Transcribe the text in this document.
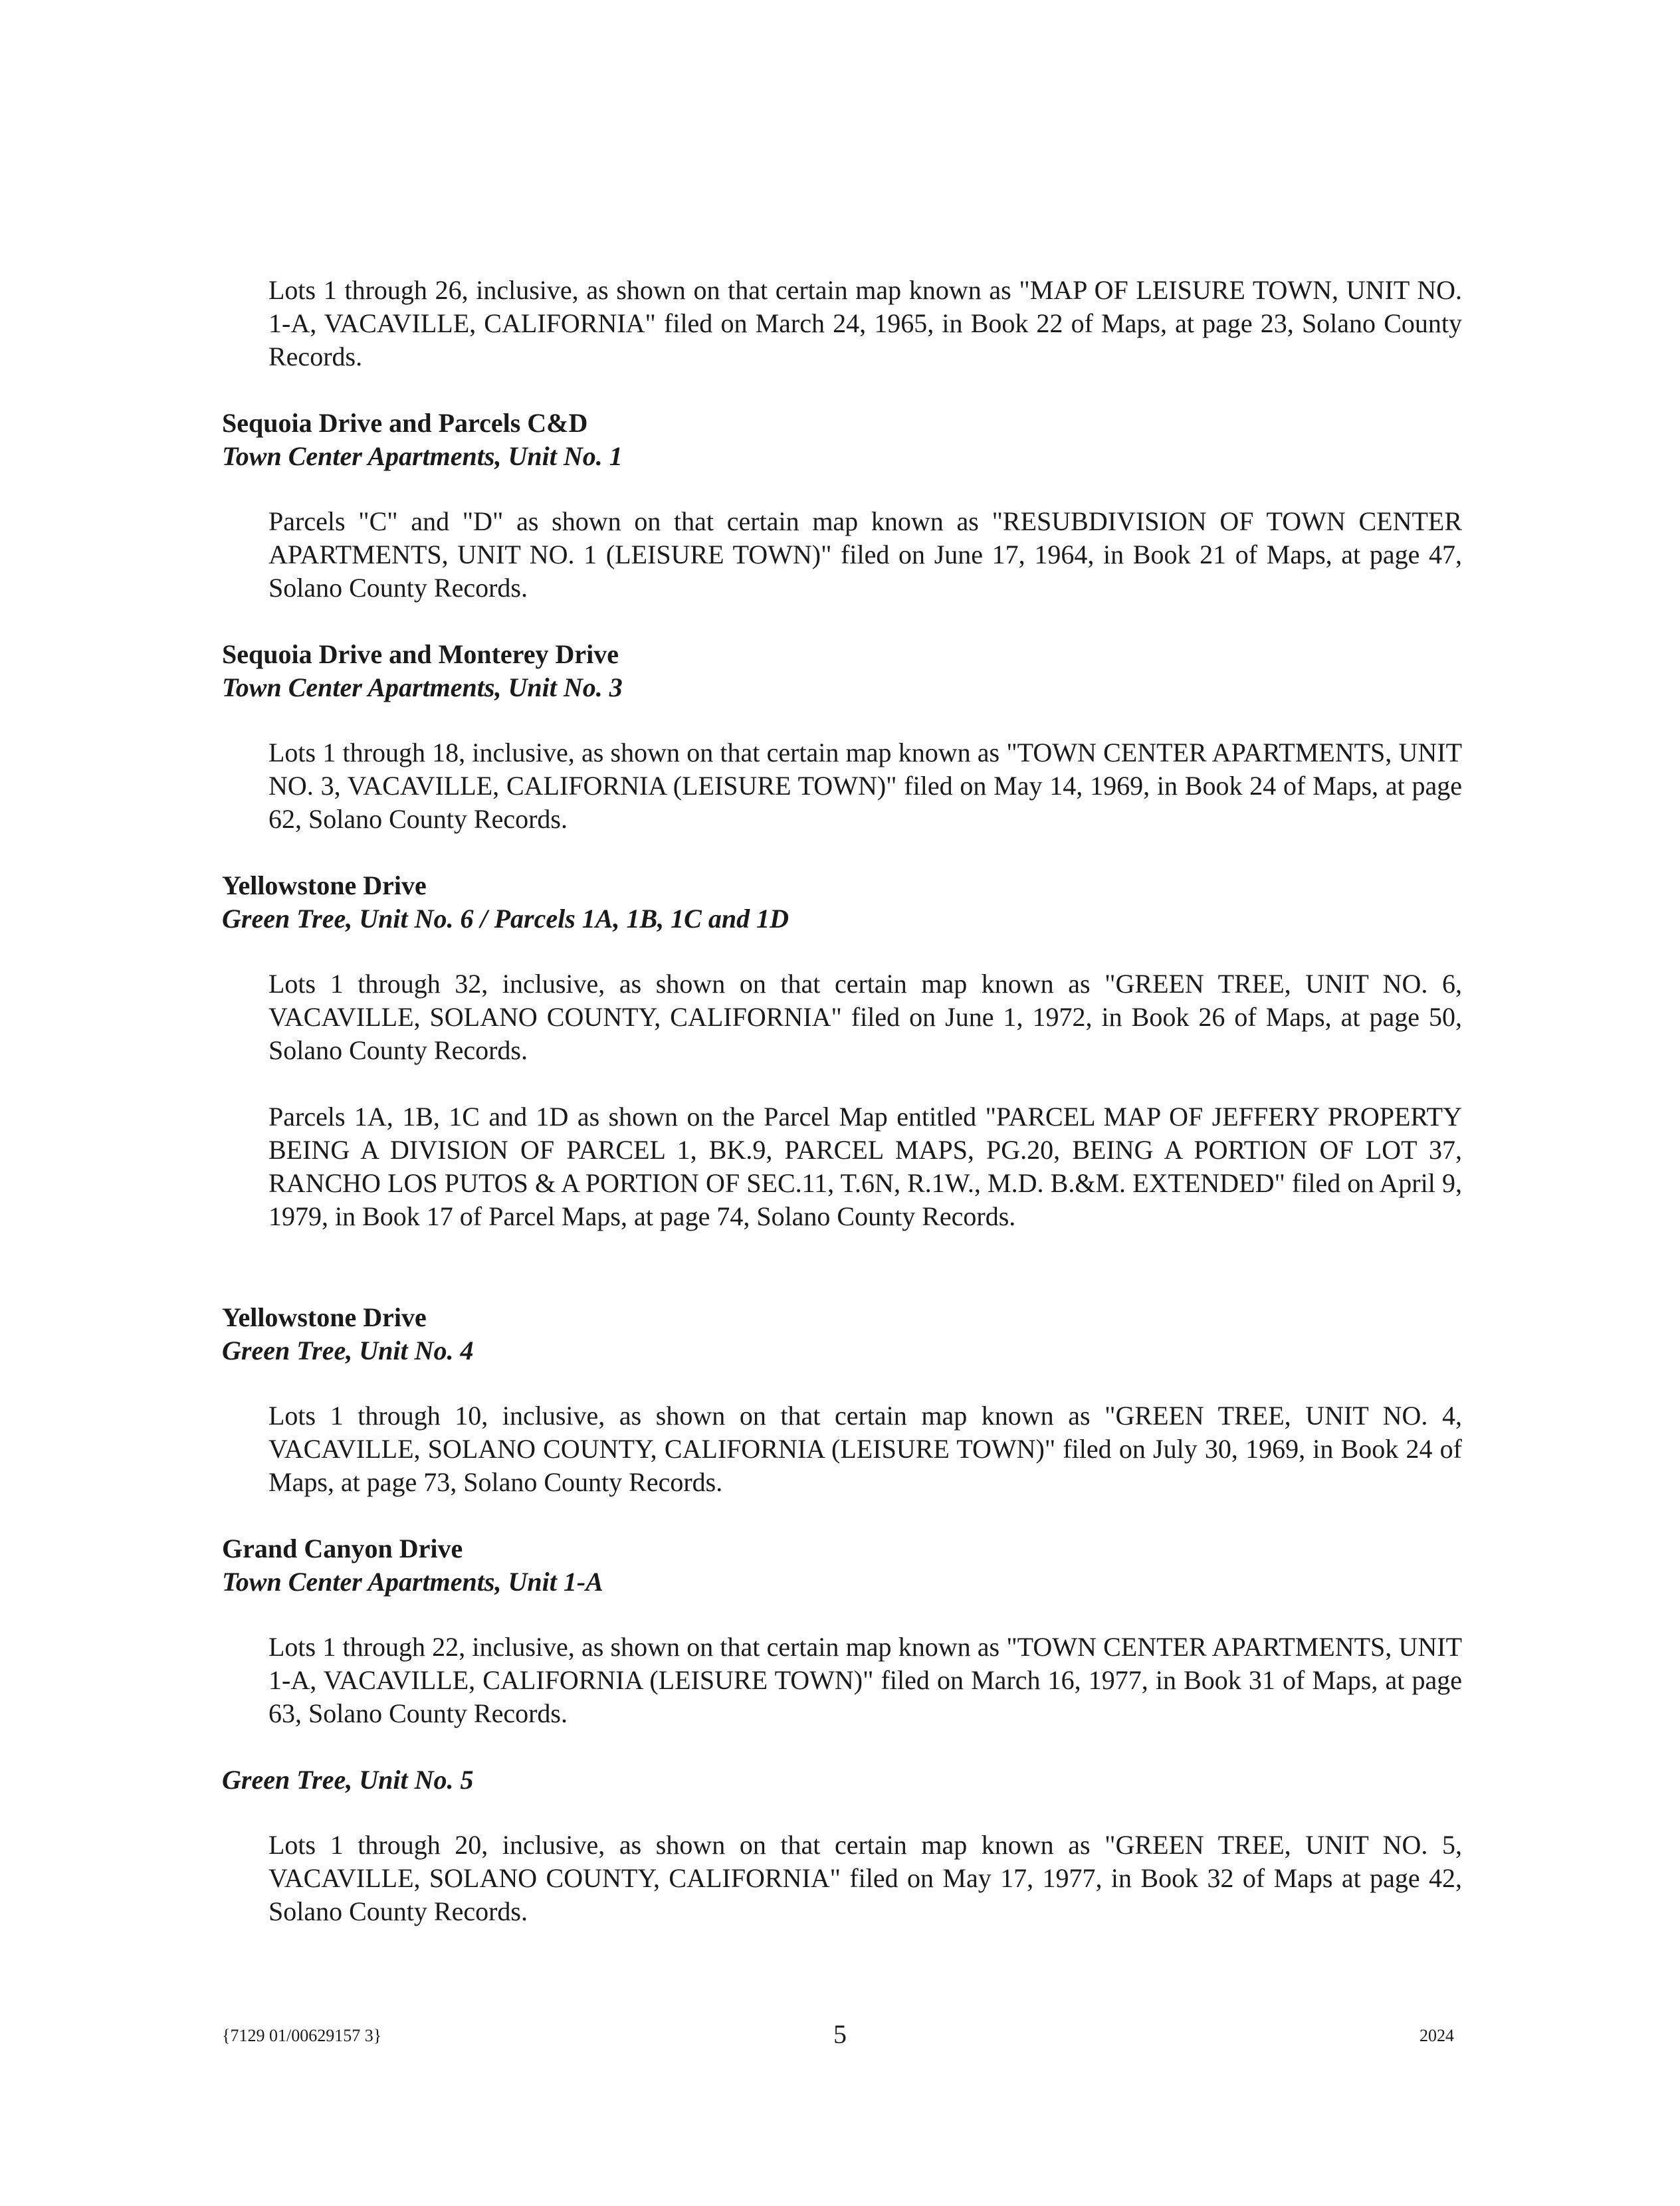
Lots 1 through 26, inclusive, as shown on that certain map known as "MAP OF LEISURE TOWN, UNIT NO. 1-A, VACAVILLE, CALIFORNIA" filed on March 24, 1965, in Book 22 of Maps, at page 23, Solano County Records.

Sequoia Drive and Parcels C&D
Town Center Apartments, Unit No. 1

Parcels "C" and "D" as shown on that certain map known as "RESUBDIVISION OF TOWN CENTER APARTMENTS, UNIT NO. 1 (LEISURE TOWN)" filed on June 17, 1964, in Book 21 of Maps, at page 47, Solano County Records.

Sequoia Drive and Monterey Drive
Town Center Apartments, Unit No. 3

Lots 1 through 18, inclusive, as shown on that certain map known as "TOWN CENTER APARTMENTS, UNIT NO. 3, VACAVILLE, CALIFORNIA (LEISURE TOWN)" filed on May 14, 1969, in Book 24 of Maps, at page 62, Solano County Records.

Yellowstone Drive
Green Tree, Unit No. 6 / Parcels 1A, 1B, 1C and 1D

Lots 1 through 32, inclusive, as shown on that certain map known as "GREEN TREE, UNIT NO. 6, VACAVILLE, SOLANO COUNTY, CALIFORNIA" filed on June 1, 1972, in Book 26 of Maps, at page 50, Solano County Records.

Parcels 1A, 1B, 1C and 1D as shown on the Parcel Map entitled "PARCEL MAP OF JEFFERY PROPERTY BEING A DIVISION OF PARCEL 1, BK.9, PARCEL MAPS, PG.20, BEING A PORTION OF LOT 37, RANCHO LOS PUTOS & A PORTION OF SEC.11, T.6N, R.1W., M.D. B.&M. EXTENDED" filed on April 9, 1979, in Book 17 of Parcel Maps, at page 74, Solano County Records.

Yellowstone Drive
Green Tree, Unit No. 4

Lots 1 through 10, inclusive, as shown on that certain map known as "GREEN TREE, UNIT NO. 4, VACAVILLE, SOLANO COUNTY, CALIFORNIA (LEISURE TOWN)" filed on July 30, 1969, in Book 24 of Maps, at page 73, Solano County Records.

Grand Canyon Drive
Town Center Apartments, Unit 1-A

Lots 1 through 22, inclusive, as shown on that certain map known as "TOWN CENTER APARTMENTS, UNIT 1-A, VACAVILLE, CALIFORNIA (LEISURE TOWN)" filed on March 16, 1977, in Book 31 of Maps, at page 63, Solano County Records.

Green Tree, Unit No. 5

Lots 1 through 20, inclusive, as shown on that certain map known as "GREEN TREE, UNIT NO. 5, VACAVILLE, SOLANO COUNTY, CALIFORNIA" filed on May 17, 1977, in Book 32 of Maps at page 42, Solano County Records.

{7129 01/00629157 3}	5	2024
